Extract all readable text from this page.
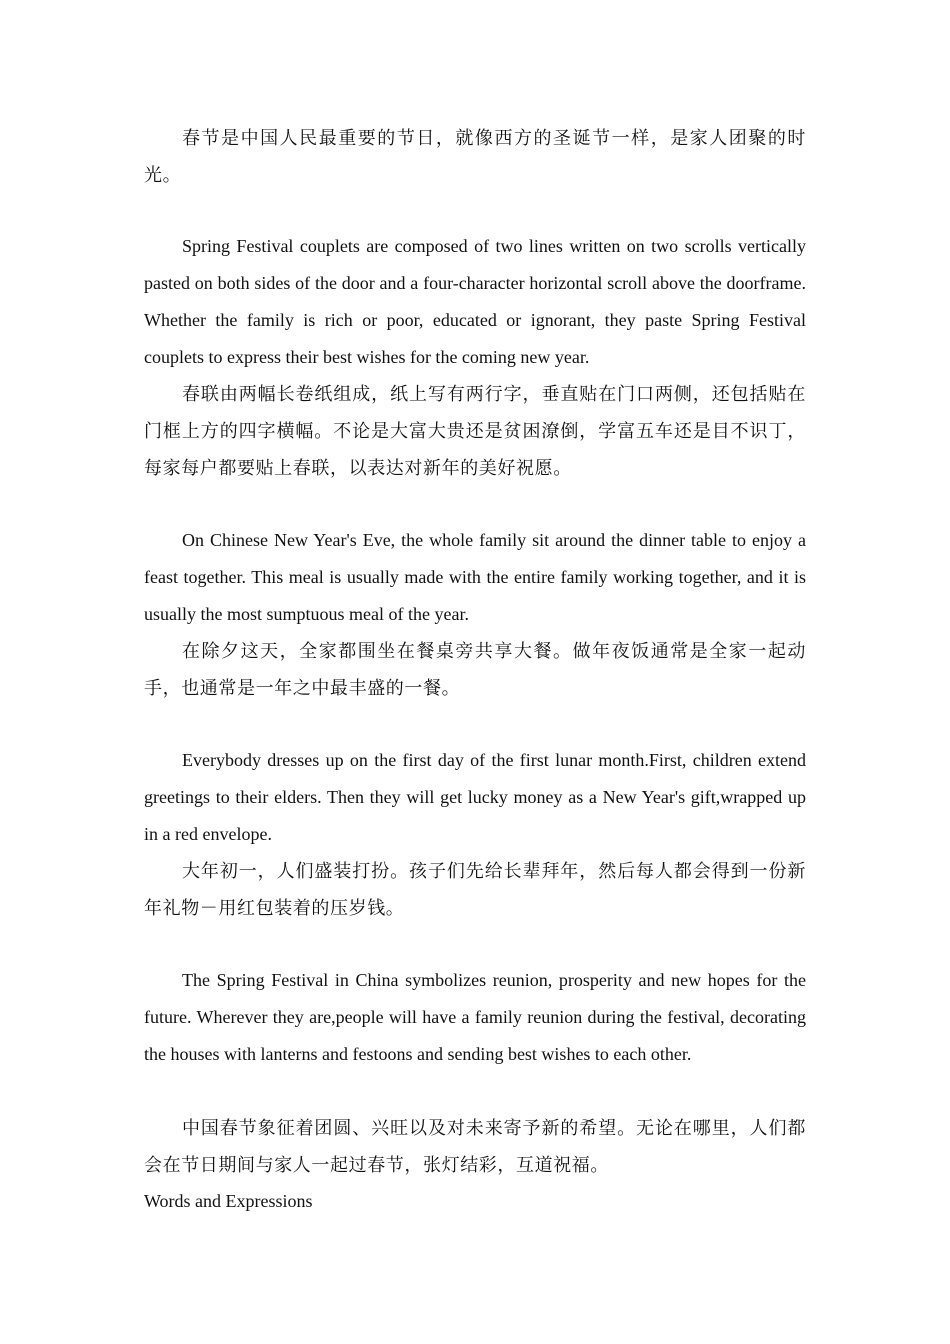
春节是中国人民最重要的节日，就像西方的圣诞节一样，是家人团聚的时光。

Spring Festival couplets are composed of two lines written on two scrolls vertically pasted on both sides of the door and a four-character horizontal scroll above the doorframe. Whether the family is rich or poor, educated or ignorant, they paste Spring Festival couplets to express their best wishes for the coming new year.

春联由两幅长卷纸组成，纸上写有两行字，垂直贴在门口两侧，还包括贴在门框上方的四字横幅。不论是大富大贵还是贫困潦倒，学富五车还是目不识丁，每家每户都要贴上春联，以表达对新年的美好祝愿。

On Chinese New Year's Eve, the whole family sit around the dinner table to enjoy a feast together. This meal is usually made with the entire family working together, and it is usually the most sumptuous meal of the year.

在除夕这天，全家都围坐在餐桌旁共享大餐。做年夜饭通常是全家一起动手，也通常是一年之中最丰盛的一餐。

Everybody dresses up on the first day of the first lunar month.First, children extend greetings to their elders. Then they will get lucky money as a New Year's gift,wrapped up in a red envelope.

大年初一，人们盛装打扮。孩子们先给长辈拜年，然后每人都会得到一份新年礼物－用红包装着的压岁钱。

The Spring Festival in China symbolizes reunion, prosperity and new hopes for the future. Wherever they are,people will have a family reunion during the festival, decorating the houses with lanterns and festoons and sending best wishes to each other.

中国春节象征着团圆、兴旺以及对未来寄予新的希望。无论在哪里，人们都会在节日期间与家人一起过春节，张灯结彩，互道祝福。

Words and Expressions
